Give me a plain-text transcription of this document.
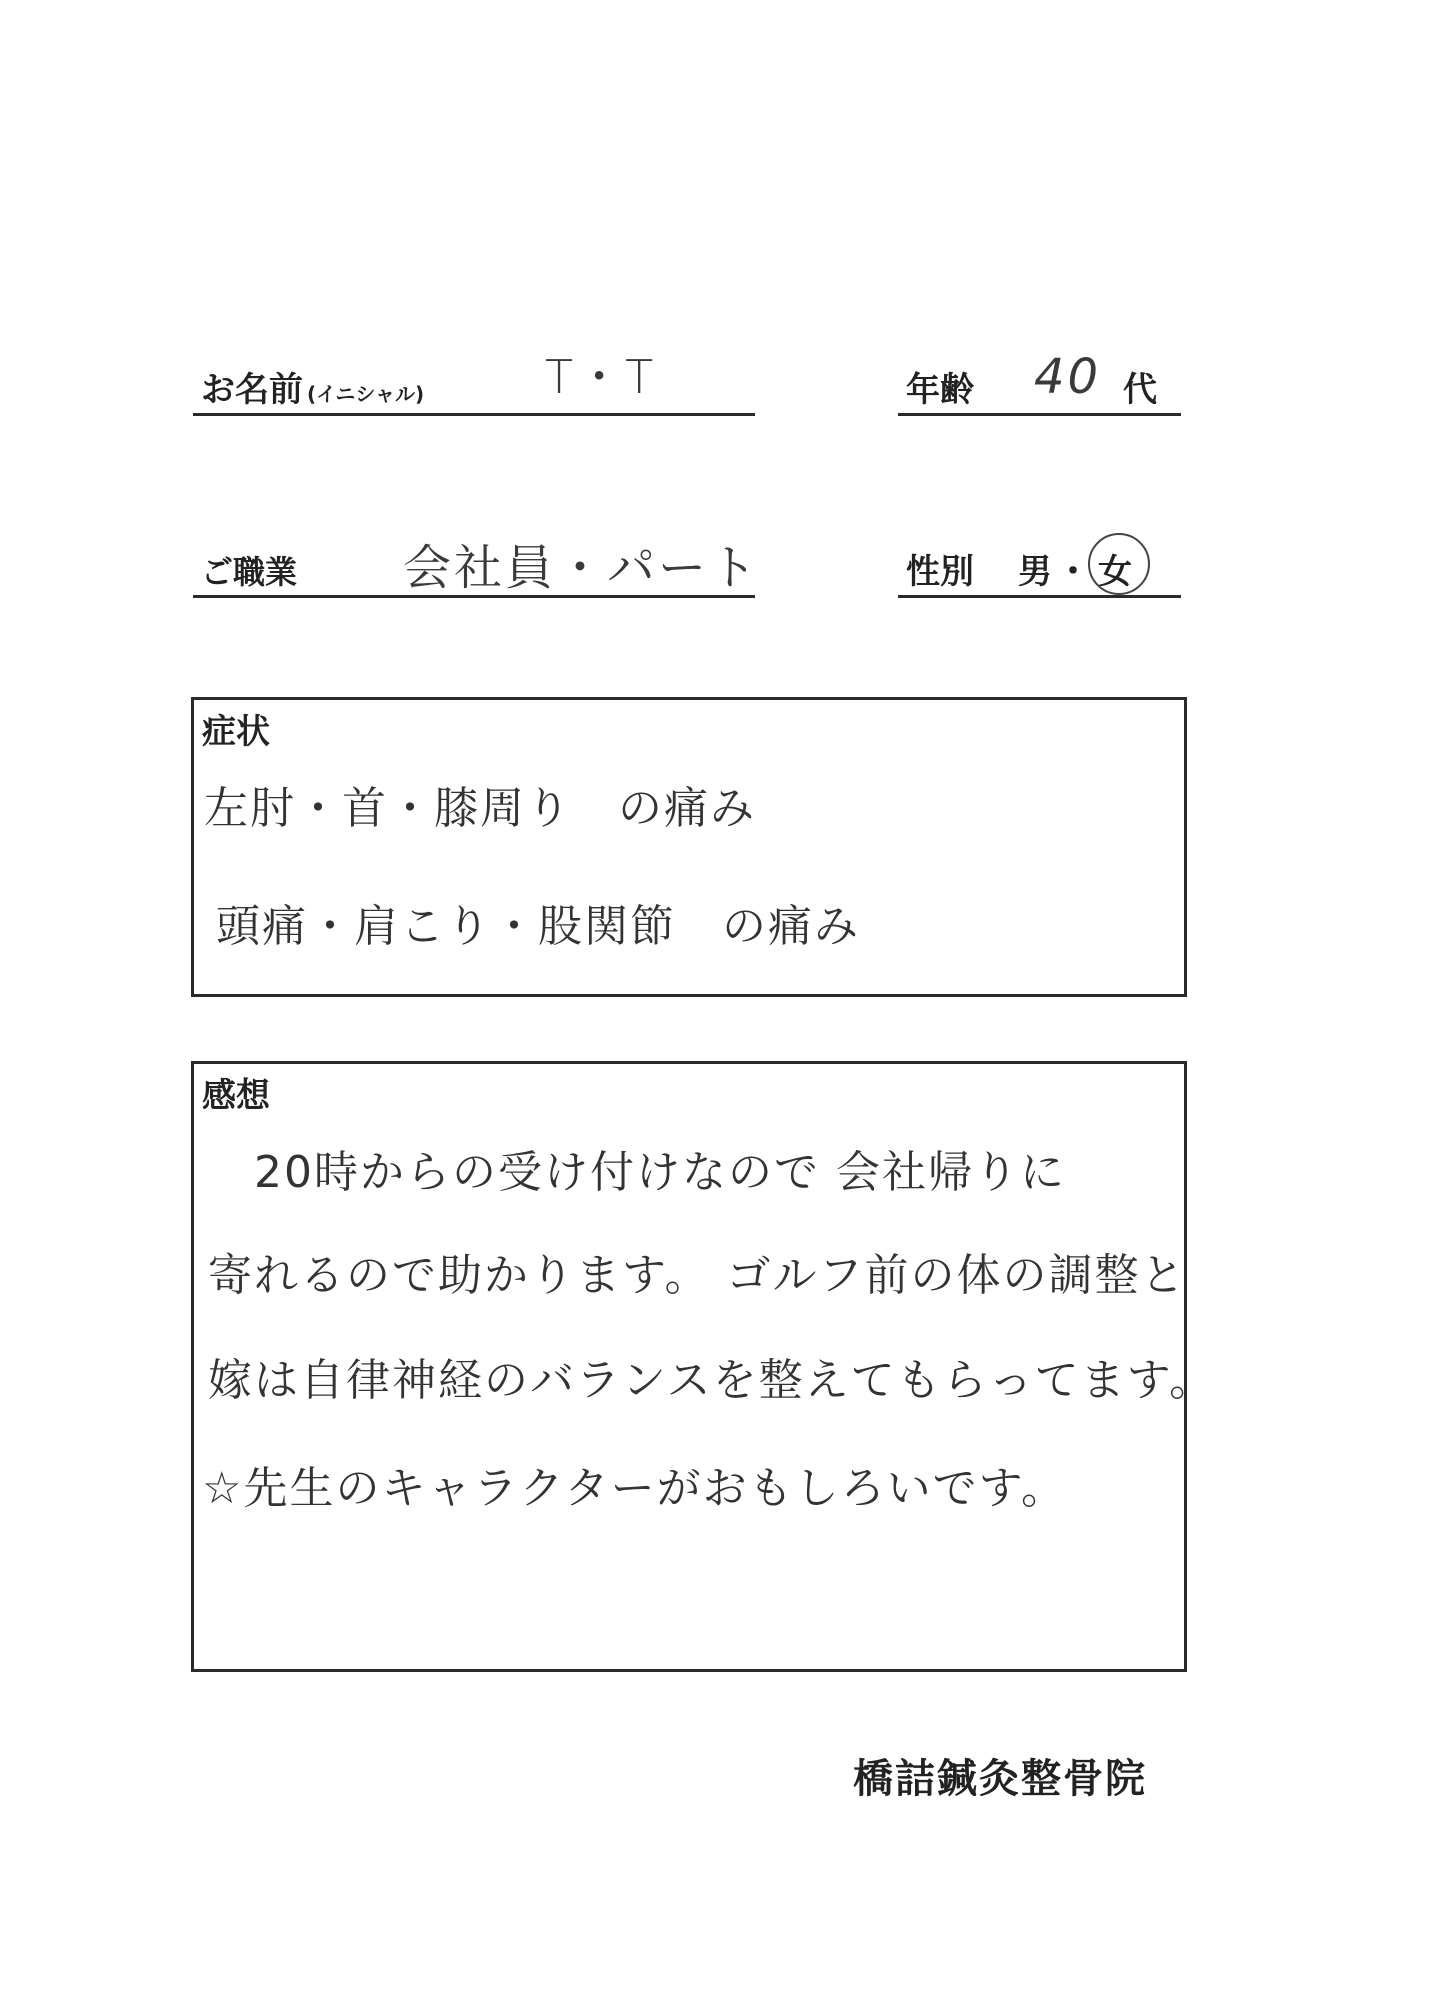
お名前 (イニシャル)	T・T	年齢 40 代
ご職業 会社員・パート	性別 男 ・ 女
症状
左肘・首・膝周り　の痛み
頭痛・肩こり・股関節　の痛み
感想
　20時からの受け付けなので 会社帰りに
寄れるので助かります。 ゴルフ前の体の調整と
嫁は自律神経のバランスを整えてもらってます。
☆先生のキャラクターがおもしろいです。
橋詰鍼灸整骨院
